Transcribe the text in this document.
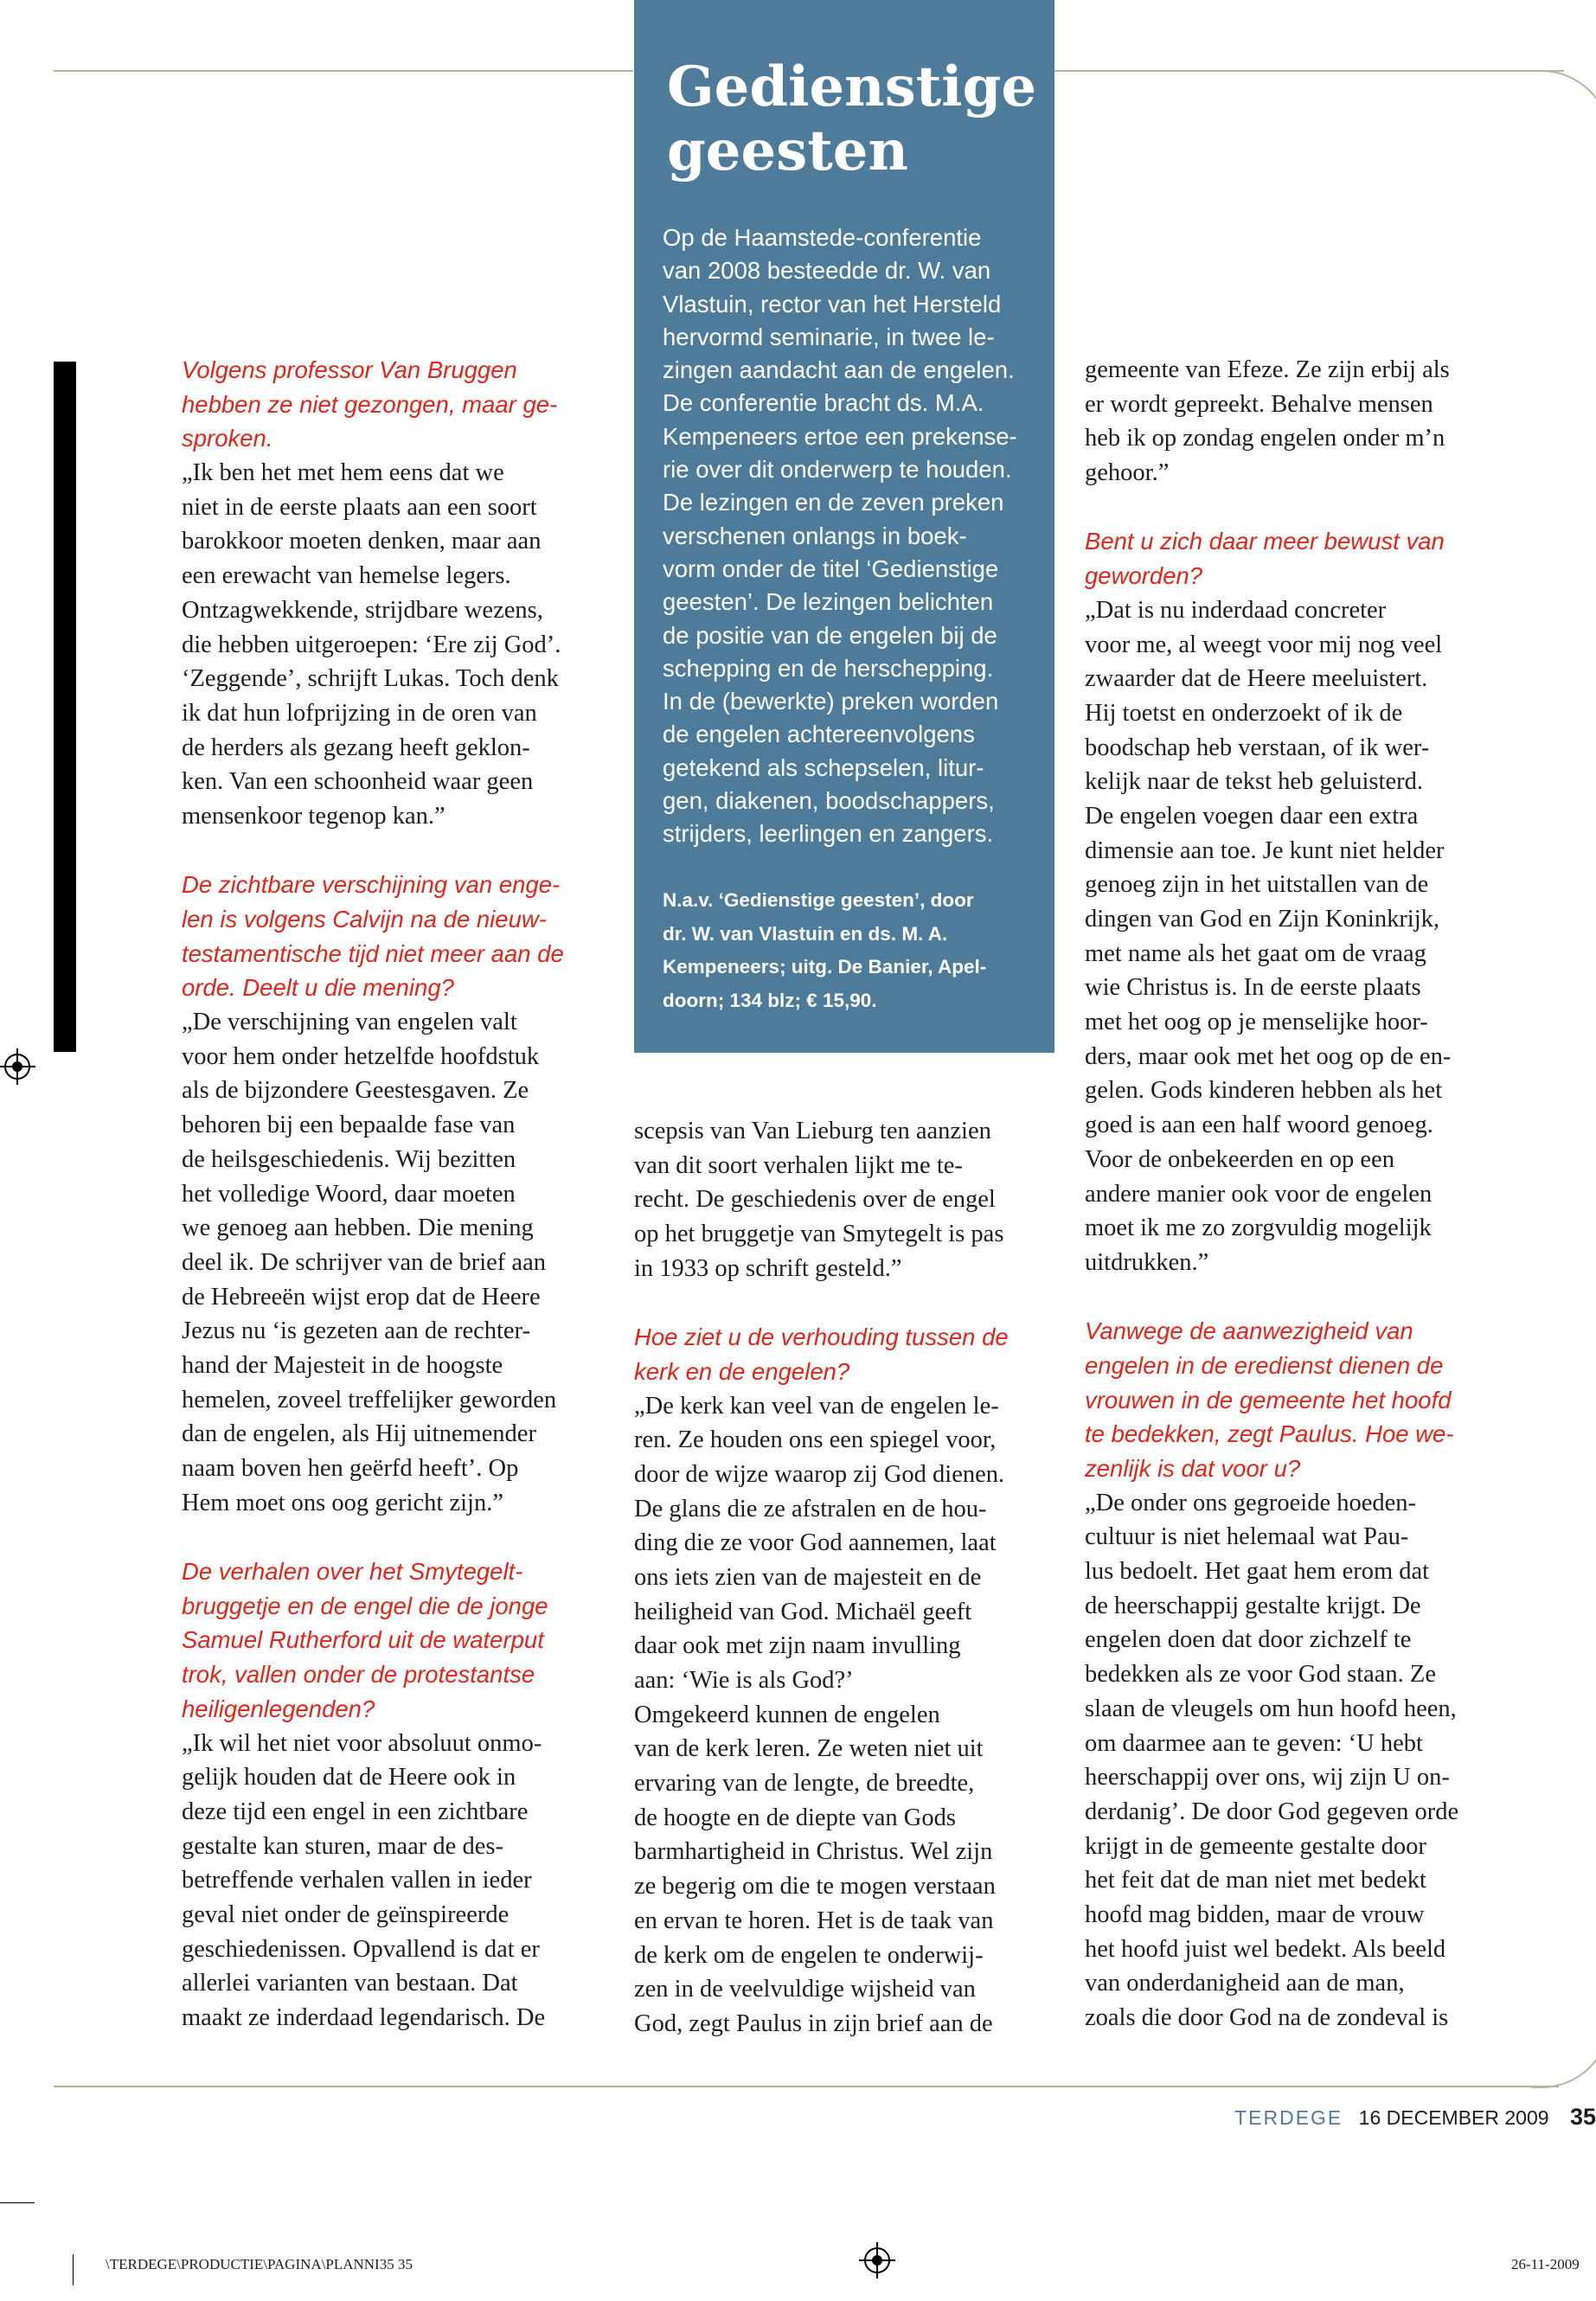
Gedienstige
geesten
Op de Haamstede-conferentie
van 2008 besteedde dr. W. van
Vlastuin, rector van het Hersteld
hervormd seminarie, in twee le-
zingen aandacht aan de engelen.
De conferentie bracht ds. M.A.
Kempeneers ertoe een prekense-
rie over dit onderwerp te houden.
De lezingen en de zeven preken
verschenen onlangs in boek-
vorm onder de titel ‘Gedienstige
geesten’. De lezingen belichten
de positie van de engelen bij de
schepping en de herschepping.
In de (bewerkte) preken worden
de engelen achtereenvolgens
getekend als schepselen, litur-
gen, diakenen, boodschappers,
strijders, leerlingen en zangers.
N.a.v. ‘Gedienstige geesten’, door
dr. W. van Vlastuin en ds. M. A.
Kempeneers; uitg. De Banier, Apel-
doorn; 134 blz; € 15,90.
Volgens professor Van Bruggen
hebben ze niet gezongen, maar ge-
sproken.
„Ik ben het met hem eens dat we
niet in de eerste plaats aan een soort
barokkoor moeten denken, maar aan
een erewacht van hemelse legers.
Ontzagwekkende, strijdbare wezens,
die hebben uitgeroepen: ‘Ere zij God’.
‘Zeggende’, schrijft Lukas. Toch denk
ik dat hun lofprijzing in de oren van
de herders als gezang heeft geklon-
ken. Van een schoonheid waar geen
mensenkoor tegenop kan.”
De zichtbare verschijning van enge-
len is volgens Calvijn na de nieuw-
testamentische tijd niet meer aan de
orde. Deelt u die mening?
„De verschijning van engelen valt
voor hem onder hetzelfde hoofdstuk
als de bijzondere Geestesgaven. Ze
behoren bij een bepaalde fase van
de heilsgeschiedenis. Wij bezitten
het volledige Woord, daar moeten
we genoeg aan hebben. Die mening
deel ik. De schrijver van de brief aan
de Hebreeën wijst erop dat de Heere
Jezus nu ‘is gezeten aan de rechter-
hand der Majesteit in de hoogste
hemelen, zoveel treffelijker geworden
dan de engelen, als Hij uitnemender
naam boven hen geërfd heeft’. Op
Hem moet ons oog gericht zijn.”
De verhalen over het Smytegelt-
bruggetje en de engel die de jonge
Samuel Rutherford uit de waterput
trok, vallen onder de protestantse
heiligenlegenden?
„Ik wil het niet voor absoluut onmo-
gelijk houden dat de Heere ook in
deze tijd een engel in een zichtbare
gestalte kan sturen, maar de des-
betreffende verhalen vallen in ieder
geval niet onder de geïnspireerde
geschiedenissen. Opvallend is dat er
allerlei varianten van bestaan. Dat
maakt ze inderdaad legendarisch. De
scepsis van Van Lieburg ten aanzien
van dit soort verhalen lijkt me te-
recht. De geschiedenis over de engel
op het bruggetje van Smytegelt is pas
in 1933 op schrift gesteld.”
Hoe ziet u de verhouding tussen de
kerk en de engelen?
„De kerk kan veel van de engelen le-
ren. Ze houden ons een spiegel voor,
door de wijze waarop zij God dienen.
De glans die ze afstralen en de hou-
ding die ze voor God aannemen, laat
ons iets zien van de majesteit en de
heiligheid van God. Michaël geeft
daar ook met zijn naam invulling
aan: ‘Wie is als God?’
Omgekeerd kunnen de engelen
van de kerk leren. Ze weten niet uit
ervaring van de lengte, de breedte,
de hoogte en de diepte van Gods
barmhartigheid in Christus. Wel zijn
ze begerig om die te mogen verstaan
en ervan te horen. Het is de taak van
de kerk om de engelen te onderwij-
zen in de veelvuldige wijsheid van
God, zegt Paulus in zijn brief aan de
gemeente van Efeze. Ze zijn erbij als
er wordt gepreekt. Behalve mensen
heb ik op zondag engelen onder m’n
gehoor.”
Bent u zich daar meer bewust van
geworden?
„Dat is nu inderdaad concreter
voor me, al weegt voor mij nog veel
zwaarder dat de Heere meeluistert.
Hij toetst en onderzoekt of ik de
boodschap heb verstaan, of ik wer-
kelijk naar de tekst heb geluisterd.
De engelen voegen daar een extra
dimensie aan toe. Je kunt niet helder
genoeg zijn in het uitstallen van de
dingen van God en Zijn Koninkrijk,
met name als het gaat om de vraag
wie Christus is. In de eerste plaats
met het oog op je menselijke hoor-
ders, maar ook met het oog op de en-
gelen. Gods kinderen hebben als het
goed is aan een half woord genoeg.
Voor de onbekeerden en op een
andere manier ook voor de engelen
moet ik me zo zorgvuldig mogelijk
uitdrukken.”
Vanwege de aanwezigheid van
engelen in de eredienst dienen de
vrouwen in de gemeente het hoofd
te bedekken, zegt Paulus. Hoe we-
zenlijk is dat voor u?
„De onder ons gegroeide hoeden-
cultuur is niet helemaal wat Pau-
lus bedoelt. Het gaat hem erom dat
de heerschappij gestalte krijgt. De
engelen doen dat door zichzelf te
bedekken als ze voor God staan. Ze
slaan de vleugels om hun hoofd heen,
om daarmee aan te geven: ‘U hebt
heerschappij over ons, wij zijn U on-
derdanig’. De door God gegeven orde
krijgt in de gemeente gestalte door
het feit dat de man niet met bedekt
hoofd mag bidden, maar de vrouw
het hoofd juist wel bedekt. Als beeld
van onderdanigheid aan de man,
zoals die door God na de zondeval is
TERDEGE 16 DECEMBER 2009 35
\TERDEGE\PRODUCTIE\PAGINA\PLANNI35 35	26-11-2009
